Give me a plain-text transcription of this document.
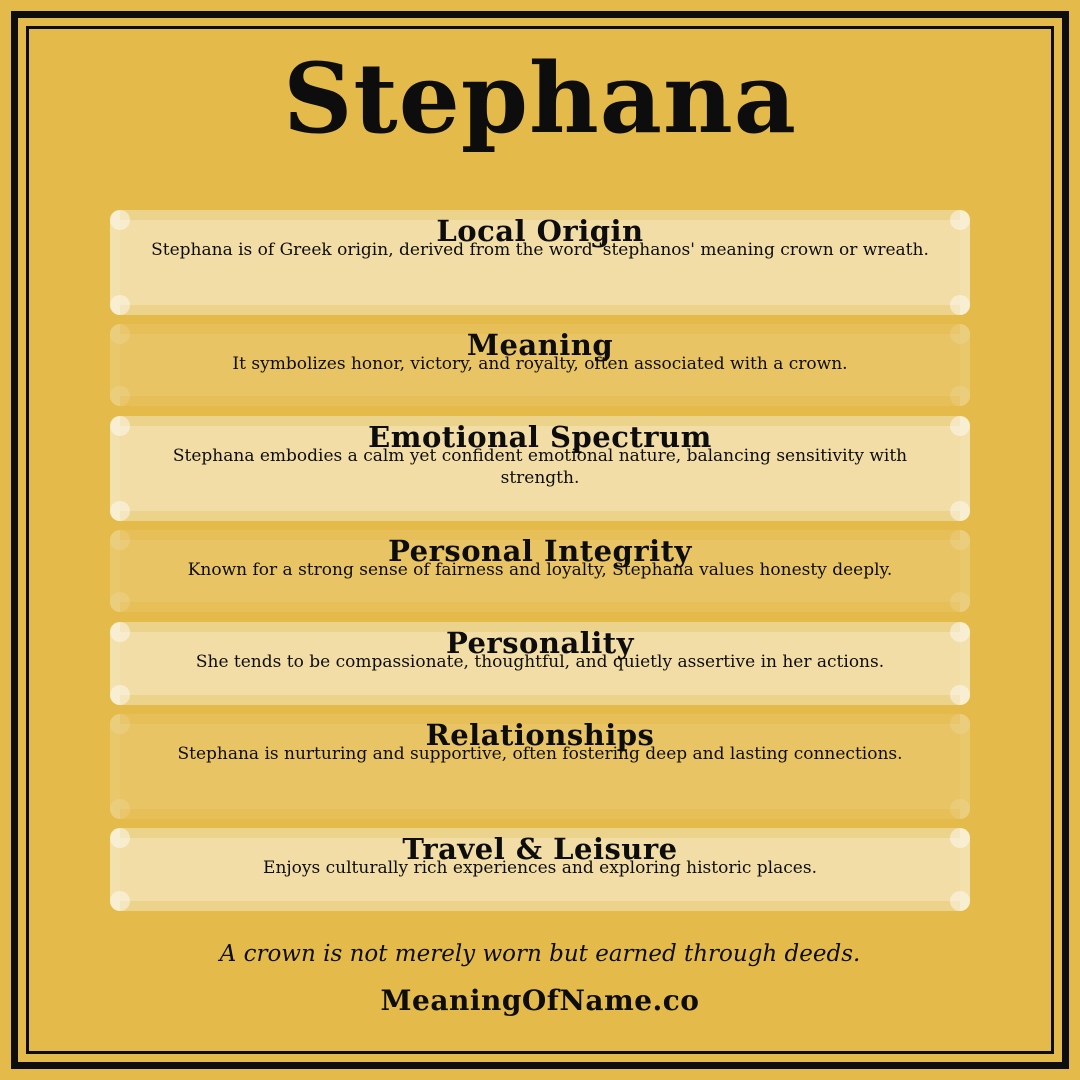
Stephana
Local Origin
Stephana is of Greek origin, derived from the word 'stephanos' meaning crown or wreath.
Meaning
It symbolizes honor, victory, and royalty, often associated with a crown.
Emotional Spectrum
Stephana embodies a calm yet confident emotional nature, balancing sensitivity with strength.
Personal Integrity
Known for a strong sense of fairness and loyalty, Stephana values honesty deeply.
Personality
She tends to be compassionate, thoughtful, and quietly assertive in her actions.
Relationships
Stephana is nurturing and supportive, often fostering deep and lasting connections.
Travel & Leisure
Enjoys culturally rich experiences and exploring historic places.
A crown is not merely worn but earned through deeds.
MeaningOfName.co
